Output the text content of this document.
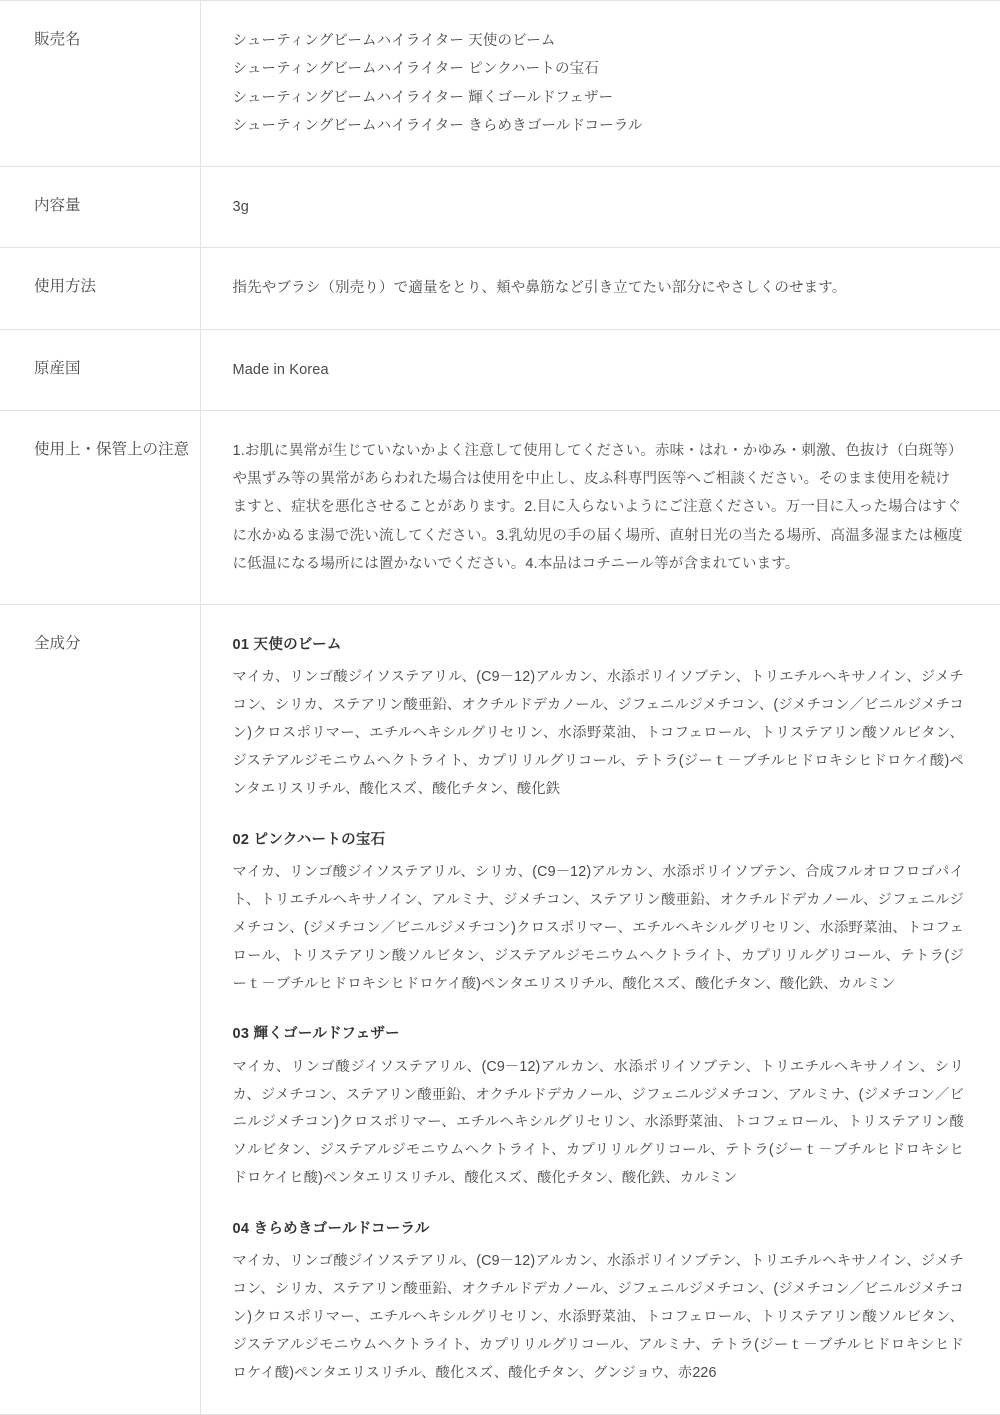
販売名	シューティングビームハイライター 天使のビーム
シューティングビームハイライター ピンクハートの宝石
シューティングビームハイライター 輝くゴールドフェザー
シューティングビームハイライター きらめきゴールドコーラル

内容量	3g

使用方法	指先やブラシ（別売り）で適量をとり、頬や鼻筋など引き立てたい部分にやさしくのせます。

原産国	Made in Korea

使用上・保管上の注意	1.お肌に異常が生じていないかよく注意して使用してください。赤味・はれ・かゆみ・刺激、色抜け（白斑等）や黒ずみ等の異常があらわれた場合は使用を中止し、皮ふ科専門医等へご相談ください。そのまま使用を続けますと、症状を悪化させることがあります。2.目に入らないようにご注意ください。万一目に入った場合はすぐに水かぬるま湯で洗い流してください。3.乳幼児の手の届く場所、直射日光の当たる場所、高温多湿または極度に低温になる場所には置かないでください。4.本品はコチニール等が含まれています。
全成分	01 天使のビーム

マイカ、リンゴ酸ジイソステアリル、(C9－12)アルカン、水添ポリイソブテン、トリエチルヘキサノイン、ジメチコン、シリカ、ステアリン酸亜鉛、オクチルドデカノール、ジフェニルジメチコン、(ジメチコン／ビニルジメチコン)クロスポリマー、エチルヘキシルグリセリン、水添野菜油、トコフェロール、トリステアリン酸ソルビタン、ジステアルジモニウムヘクトライト、カプリリルグリコール、テトラ(ジーｔ－ブチルヒドロキシヒドロケイ酸)ペンタエリスリチル、酸化スズ、酸化チタン、酸化鉄

02 ピンクハートの宝石

マイカ、リンゴ酸ジイソステアリル、シリカ、(C9－12)アルカン、水添ポリイソブテン、合成フルオロフロゴパイト、トリエチルヘキサノイン、アルミナ、ジメチコン、ステアリン酸亜鉛、オクチルドデカノール、ジフェニルジメチコン、(ジメチコン／ビニルジメチコン)クロスポリマー、エチルヘキシルグリセリン、水添野菜油、トコフェロール、トリステアリン酸ソルビタン、ジステアルジモニウムヘクトライト、カプリリルグリコール、テトラ(ジーｔ－ブチルヒドロキシヒドロケイ酸)ペンタエリスリチル、酸化スズ、酸化チタン、酸化鉄、カルミン

03 輝くゴールドフェザー

マイカ、リンゴ酸ジイソステアリル、(C9－12)アルカン、水添ポリイソブテン、トリエチルヘキサノイン、シリカ、ジメチコン、ステアリン酸亜鉛、オクチルドデカノール、ジフェニルジメチコン、アルミナ、(ジメチコン／ビニルジメチコン)クロスポリマー、エチルヘキシルグリセリン、水添野菜油、トコフェロール、トリステアリン酸ソルビタン、ジステアルジモニウムヘクトライト、カプリリルグリコール、テトラ(ジーｔ－ブチルヒドロキシヒドロケイヒ酸)ペンタエリスリチル、酸化スズ、酸化チタン、酸化鉄、カルミン

04 きらめきゴールドコーラル

マイカ、リンゴ酸ジイソステアリル、(C9－12)アルカン、水添ポリイソブテン、トリエチルヘキサノイン、ジメチコン、シリカ、ステアリン酸亜鉛、オクチルドデカノール、ジフェニルジメチコン、(ジメチコン／ビニルジメチコン)クロスポリマー、エチルヘキシルグリセリン、水添野菜油、トコフェロール、トリステアリン酸ソルビタン、ジステアルジモニウムヘクトライト、カプリリルグリコール、アルミナ、テトラ(ジーｔ－ブチルヒドロキシヒドロケイ酸)ペンタエリスリチル、酸化スズ、酸化チタン、グンジョウ、赤226
